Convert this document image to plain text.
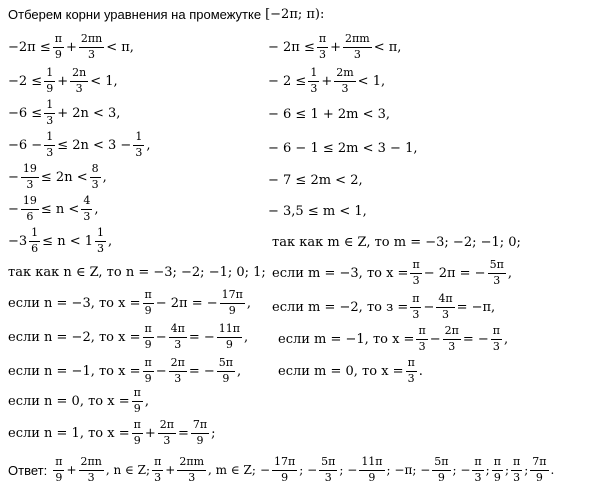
Отберем корни уравнения на промежутке [−2π; π):
$-2\pi \le \frac{\pi}{9} + \frac{2\pi n}{3} < \pi$,
$-2 \le \frac{1}{9} + \frac{2n}{3} < 1$,
$-6 \le \frac{1}{3} + 2n < 3$,
$-6 - \frac{1}{3} \le 2n < 3 - \frac{1}{3}$ ,
− $\frac{19}{3} \le 2n < \frac{8}{3}$ ,
− $\frac{19}{6} \le n < \frac{4}{3}$ ,
$-3 \frac{1}{6} \le n < 1 \frac{1}{3}$ ,
так как n ∈ Z, то n = −3; −2; −1; 0; 1;
если n = −3, то $x = \frac{\pi}{9} - 2\pi$ = − $\frac{17\pi}{9}$ ,
если n = −2, то $x = \frac{\pi}{9} - \frac{4\pi}{3}$ = − $\frac{11\pi}{9}$ ,
если n = −1, то $x = \frac{\pi}{9} - \frac{2\pi}{3}$ = − $\frac{5\pi}{9}$ ,
если n = 0, то $x = \frac{\pi}{9}$ ,
если n = 1, то $x = \frac{\pi}{9} + \frac{2\pi}{3} = \frac{7\pi}{9}$ ;
− $2\pi \le \frac{\pi}{3} + \frac{2\pi m}{3} < \pi$,
− $2 \le \frac{1}{3} + \frac{2m}{3} < 1$,
− 6 ≤ 1 + 2m < 3,
− 6 − 1 ≤ 2m < 3 − 1,
− 7 ≤ 2m < 2,
− 3,5 ≤ m < 1,
так как m ∈ Z, то m = −3; −2; −1; 0;
если m = −3, то $x = \frac{\pi}{3} - 2\pi$ = − $\frac{5\pi}{3}$ ,
если m = −2, то $з = \frac{\pi}{3} - \frac{4\pi}{3} = -\pi$,
если m = −1, то $x = \frac{\pi}{3} - \frac{2\pi}{3}$ = − $\frac{\pi}{3}$ ,
если m = 0, то $x = \frac{\pi}{3}$ .
Ответ: $\frac{\pi}{9} + \frac{2\pi n}{3}$ , n ∈ Z; $\frac{\pi}{3} + \frac{2\pi m}{3}$ , m ∈ Z; − $\frac{17\pi}{9}$ ; − $\frac{5\pi}{3}$ ; − $\frac{11\pi}{9}$ ; −π; − $\frac{5\pi}{9}$ ; − $\frac{\pi}{3}$ ; $\frac{\pi}{9}$ ; $\frac{\pi}{3}$ ; $\frac{7\pi}{9}$ .
